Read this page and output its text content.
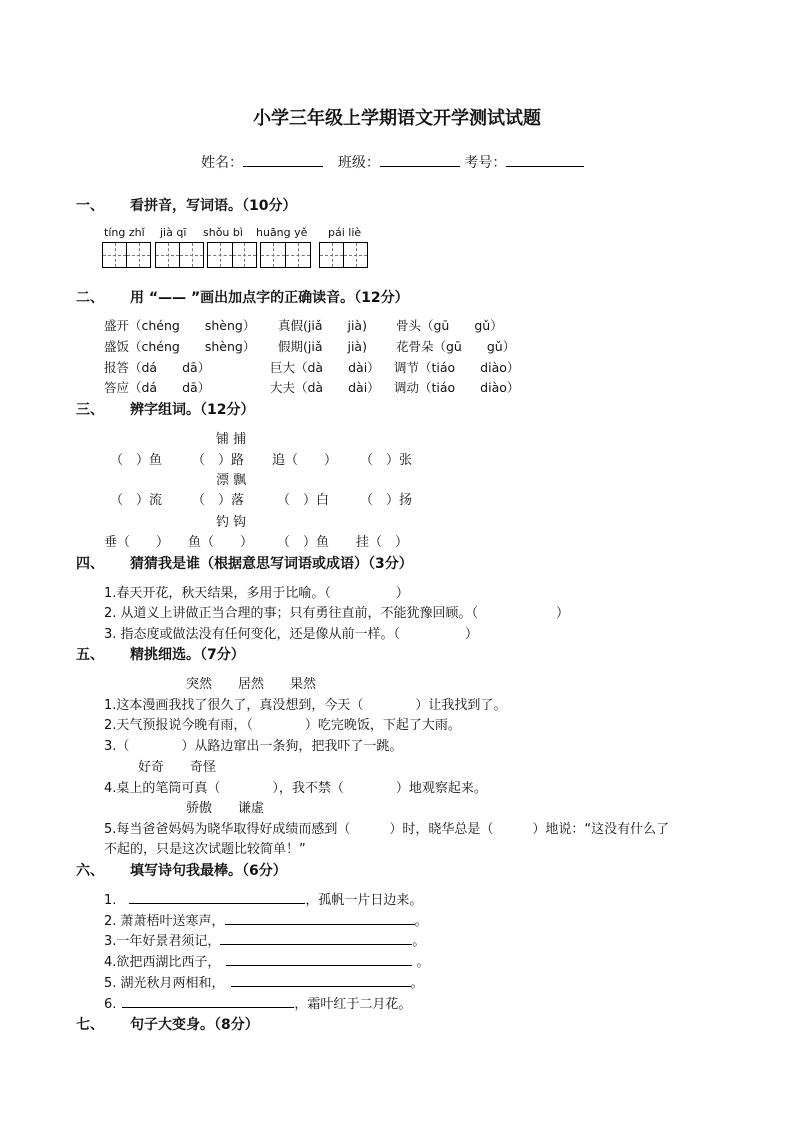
小学三年级上学期语文开学测试试题
姓名：	班级：	考号：
一、 看拼音，写词语。（10分）
tíng zhǐ jià qī shǒu bì huāng yě pái liè
二、 用 “—— ”画出加点字的正确读音。（12分）
盛开（chéng　　shèng） 真假(jiǎ　　jià) 骨头（gū　　gǔ）
盛饭（chéng　　shèng） 假期(jiǎ　　jià) 花骨朵（gū　　gǔ）
报答（dá　　dā）	巨大（dà　　dài） 调节（tiáo　　diào）
答应（dá　　dā）	大夫（dà　　dài） 调动（tiáo　　diào）
三、 辨字组词。（12分）
铺 捕
（　）鱼 （　）路 追（　　） （　）张
漂 飘
（　）流 （　）落	（　）白 （　）扬
钓 钩
垂（　　） 鱼（　　） （　）鱼 挂（　）
四、 猜猜我是谁（根据意思写词语或成语）（3分）
1.春天开花，秋天结果，多用于比喻。（　　　　　）
2. 从道义上讲做正当合理的事；只有勇往直前，不能犹豫回顾。（　　　　　　）
3. 指态度或做法没有任何变化，还是像从前一样。（　　　　　）
五、 精挑细选。（7分）
突然　　居然　　果然
1.这本漫画我找了很久了，真没想到，今天（　　　　）让我找到了。
2.天气预报说今晚有雨，（　　　　）吃完晚饭，下起了大雨。
3.（　　　　）从路边窜出一条狗，把我吓了一跳。
好奇　　奇怪
4.桌上的笔筒可真（　　　　），我不禁（　　　　）地观察起来。
骄傲　　谦虚
5.每当爸爸妈妈为晓华取得好成绩而感到（　　　）时，晓华总是（　　　）地说：“这没有什么了
不起的，只是这次试题比较简单！”
六、 填写诗句我最棒。（6分）
1.　	，孤帆一片日边来。
2. 萧萧梧叶送寒声，	。
3.一年好景君须记，	。
4.欲把西湖比西子，	。
5. 湖光秋月两相和，	。
6.	，霜叶红于二月花。
七、 句子大变身。（8分）
